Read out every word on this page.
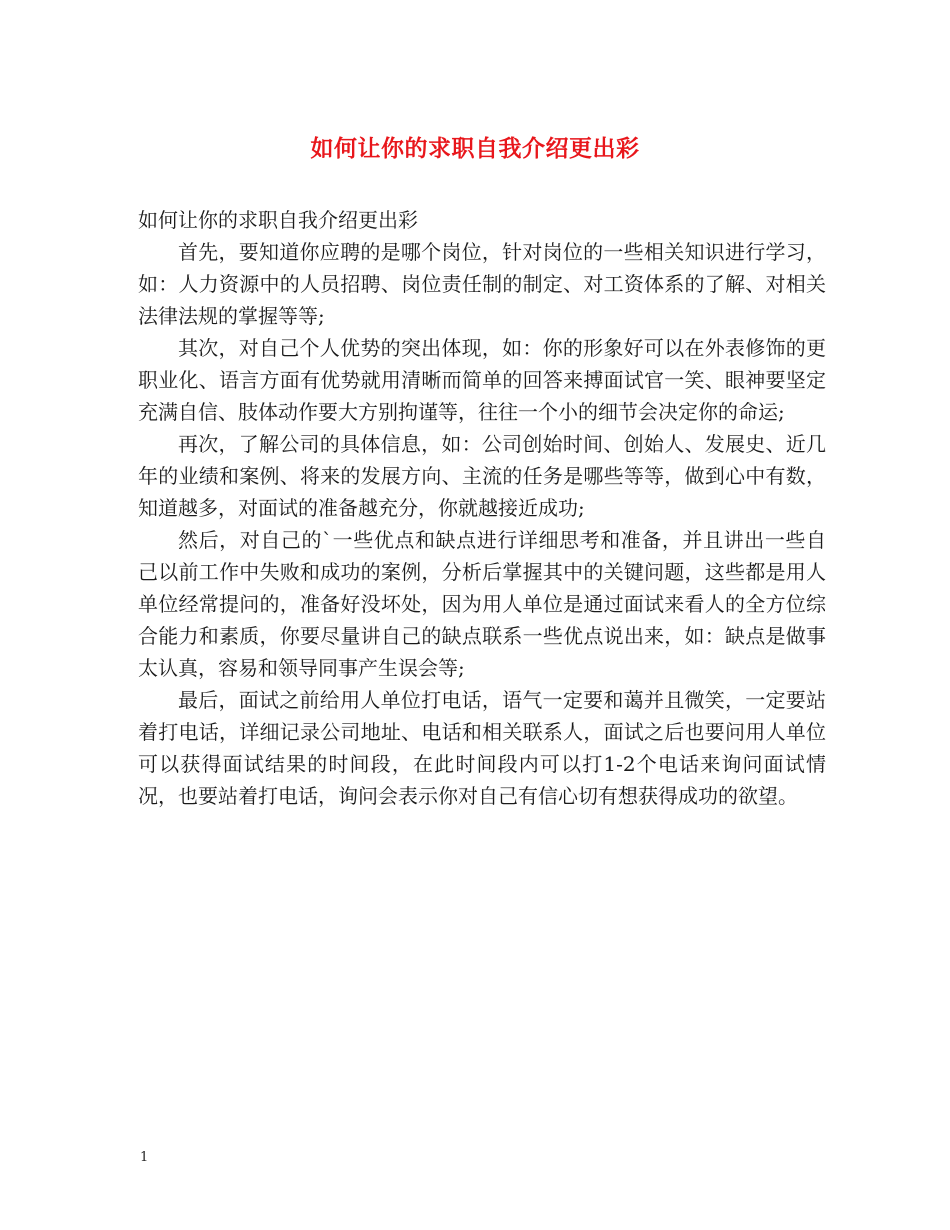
如何让你的求职自我介绍更出彩

如何让你的求职自我介绍更出彩

首先，要知道你应聘的是哪个岗位，针对岗位的一些相关知识进行学习，如：人力资源中的人员招聘、岗位责任制的制定、对工资体系的了解、对相关法律法规的掌握等等;

其次，对自己个人优势的突出体现，如：你的形象好可以在外表修饰的更职业化、语言方面有优势就用清晰而简单的回答来搏面试官一笑、眼神要坚定充满自信、肢体动作要大方别拘谨等，往往一个小的细节会决定你的命运;

再次，了解公司的具体信息，如：公司创始时间、创始人、发展史、近几年的业绩和案例、将来的发展方向、主流的任务是哪些等等，做到心中有数，知道越多，对面试的准备越充分，你就越接近成功;

然后，对自己的`一些优点和缺点进行详细思考和准备，并且讲出一些自己以前工作中失败和成功的案例，分析后掌握其中的关键问题，这些都是用人单位经常提问的，准备好没坏处，因为用人单位是通过面试来看人的全方位综合能力和素质，你要尽量讲自己的缺点联系一些优点说出来，如：缺点是做事太认真，容易和领导同事产生误会等;

最后，面试之前给用人单位打电话，语气一定要和蔼并且微笑，一定要站着打电话，详细记录公司地址、电话和相关联系人，面试之后也要问用人单位可以获得面试结果的时间段，在此时间段内可以打1-2个电话来询问面试情况，也要站着打电话，询问会表示你对自己有信心切有想获得成功的欲望。

1
